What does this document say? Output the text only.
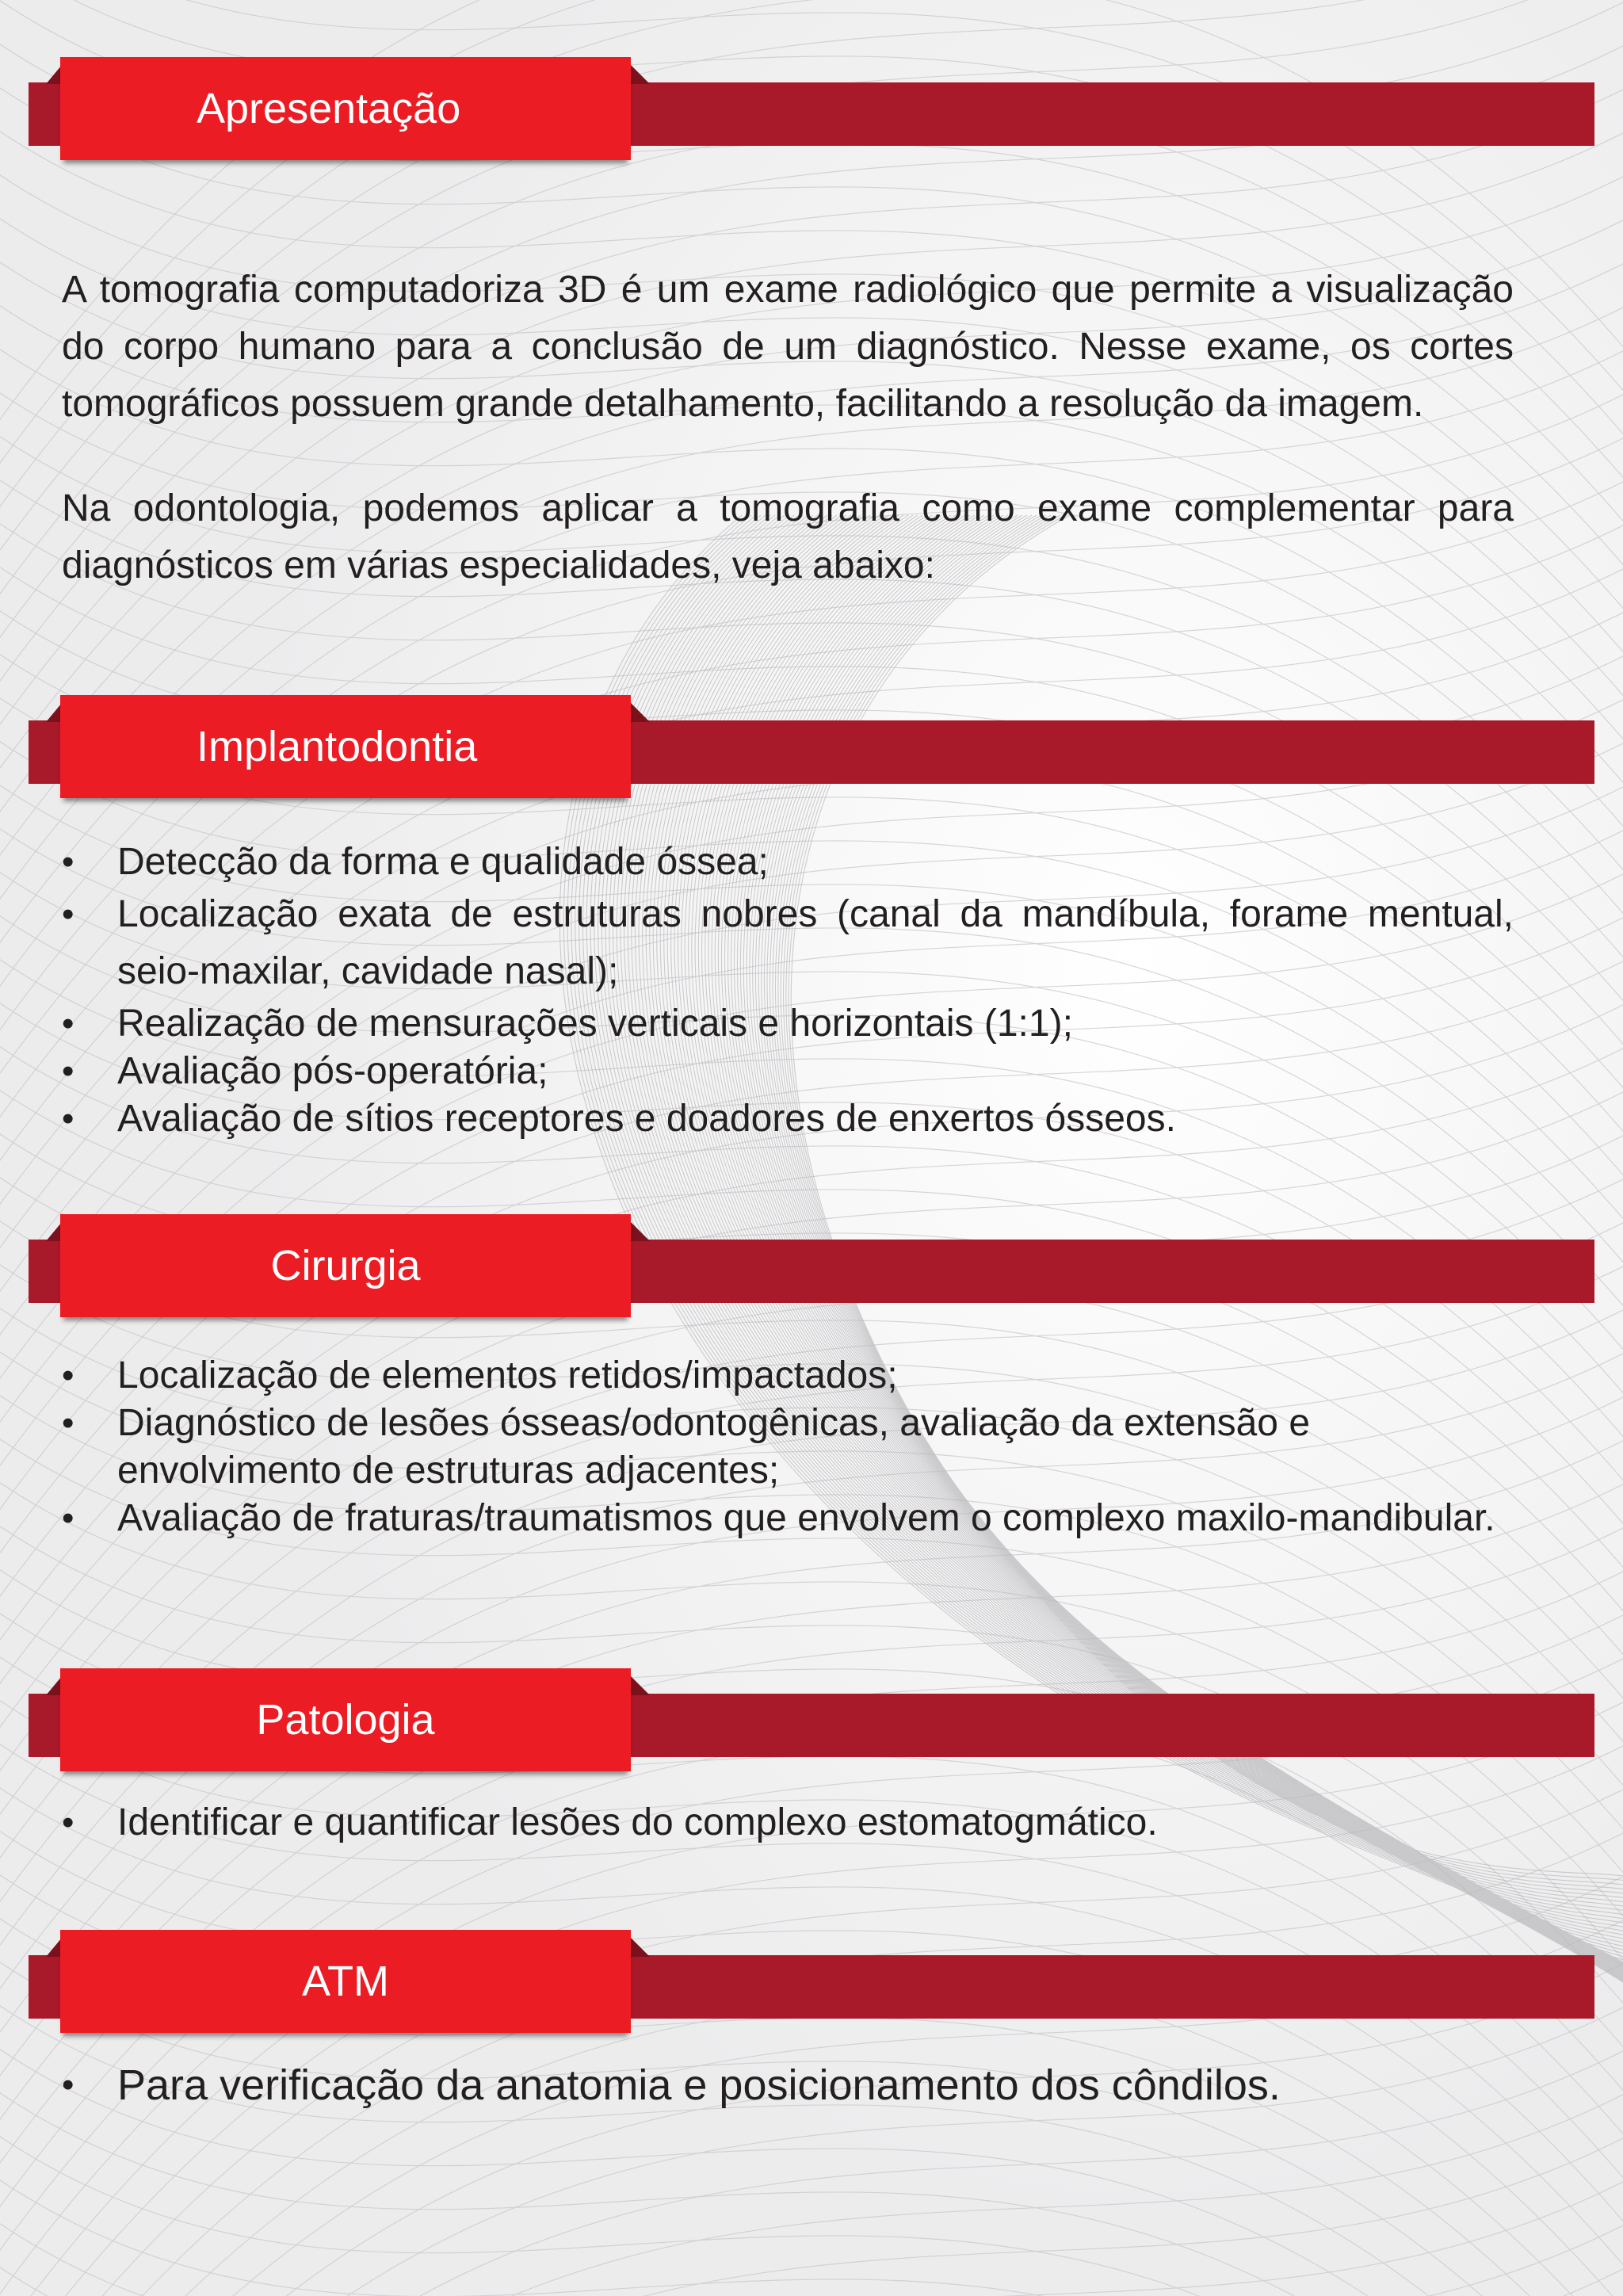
Apresentação

A tomografia computadoriza 3D é um exame radiológico que permite a visualização do corpo humano para a conclusão de um diagnóstico. Nesse exame, os cortes tomográficos possuem grande detalhamento, facilitando a resolução da imagem.

Na odontologia, podemos aplicar a tomografia como exame complementar para diagnósticos em várias especialidades, veja abaixo:

Implantodontia
•	Detecção da forma e qualidade óssea;
•	Localização exata de estruturas nobres (canal da mandíbula, forame mentual, seio-maxilar, cavidade nasal);
•	Realização de mensurações verticais e horizontais (1:1);
•	Avaliação pós-operatória;
•	Avaliação de sítios receptores e doadores de enxertos ósseos.
Cirurgia
•	Localização de elementos retidos/impactados;
•	Diagnóstico de lesões ósseas/odontogênicas, avaliação da extensão e envolvimento de estruturas adjacentes;
•	Avaliação de fraturas/traumatismos que envolvem o complexo maxilo-mandibular.
Patologia
•	Identificar e quantificar lesões do complexo estomatogmático.
ATM
•	Para verificação da anatomia e posicionamento dos côndilos.
